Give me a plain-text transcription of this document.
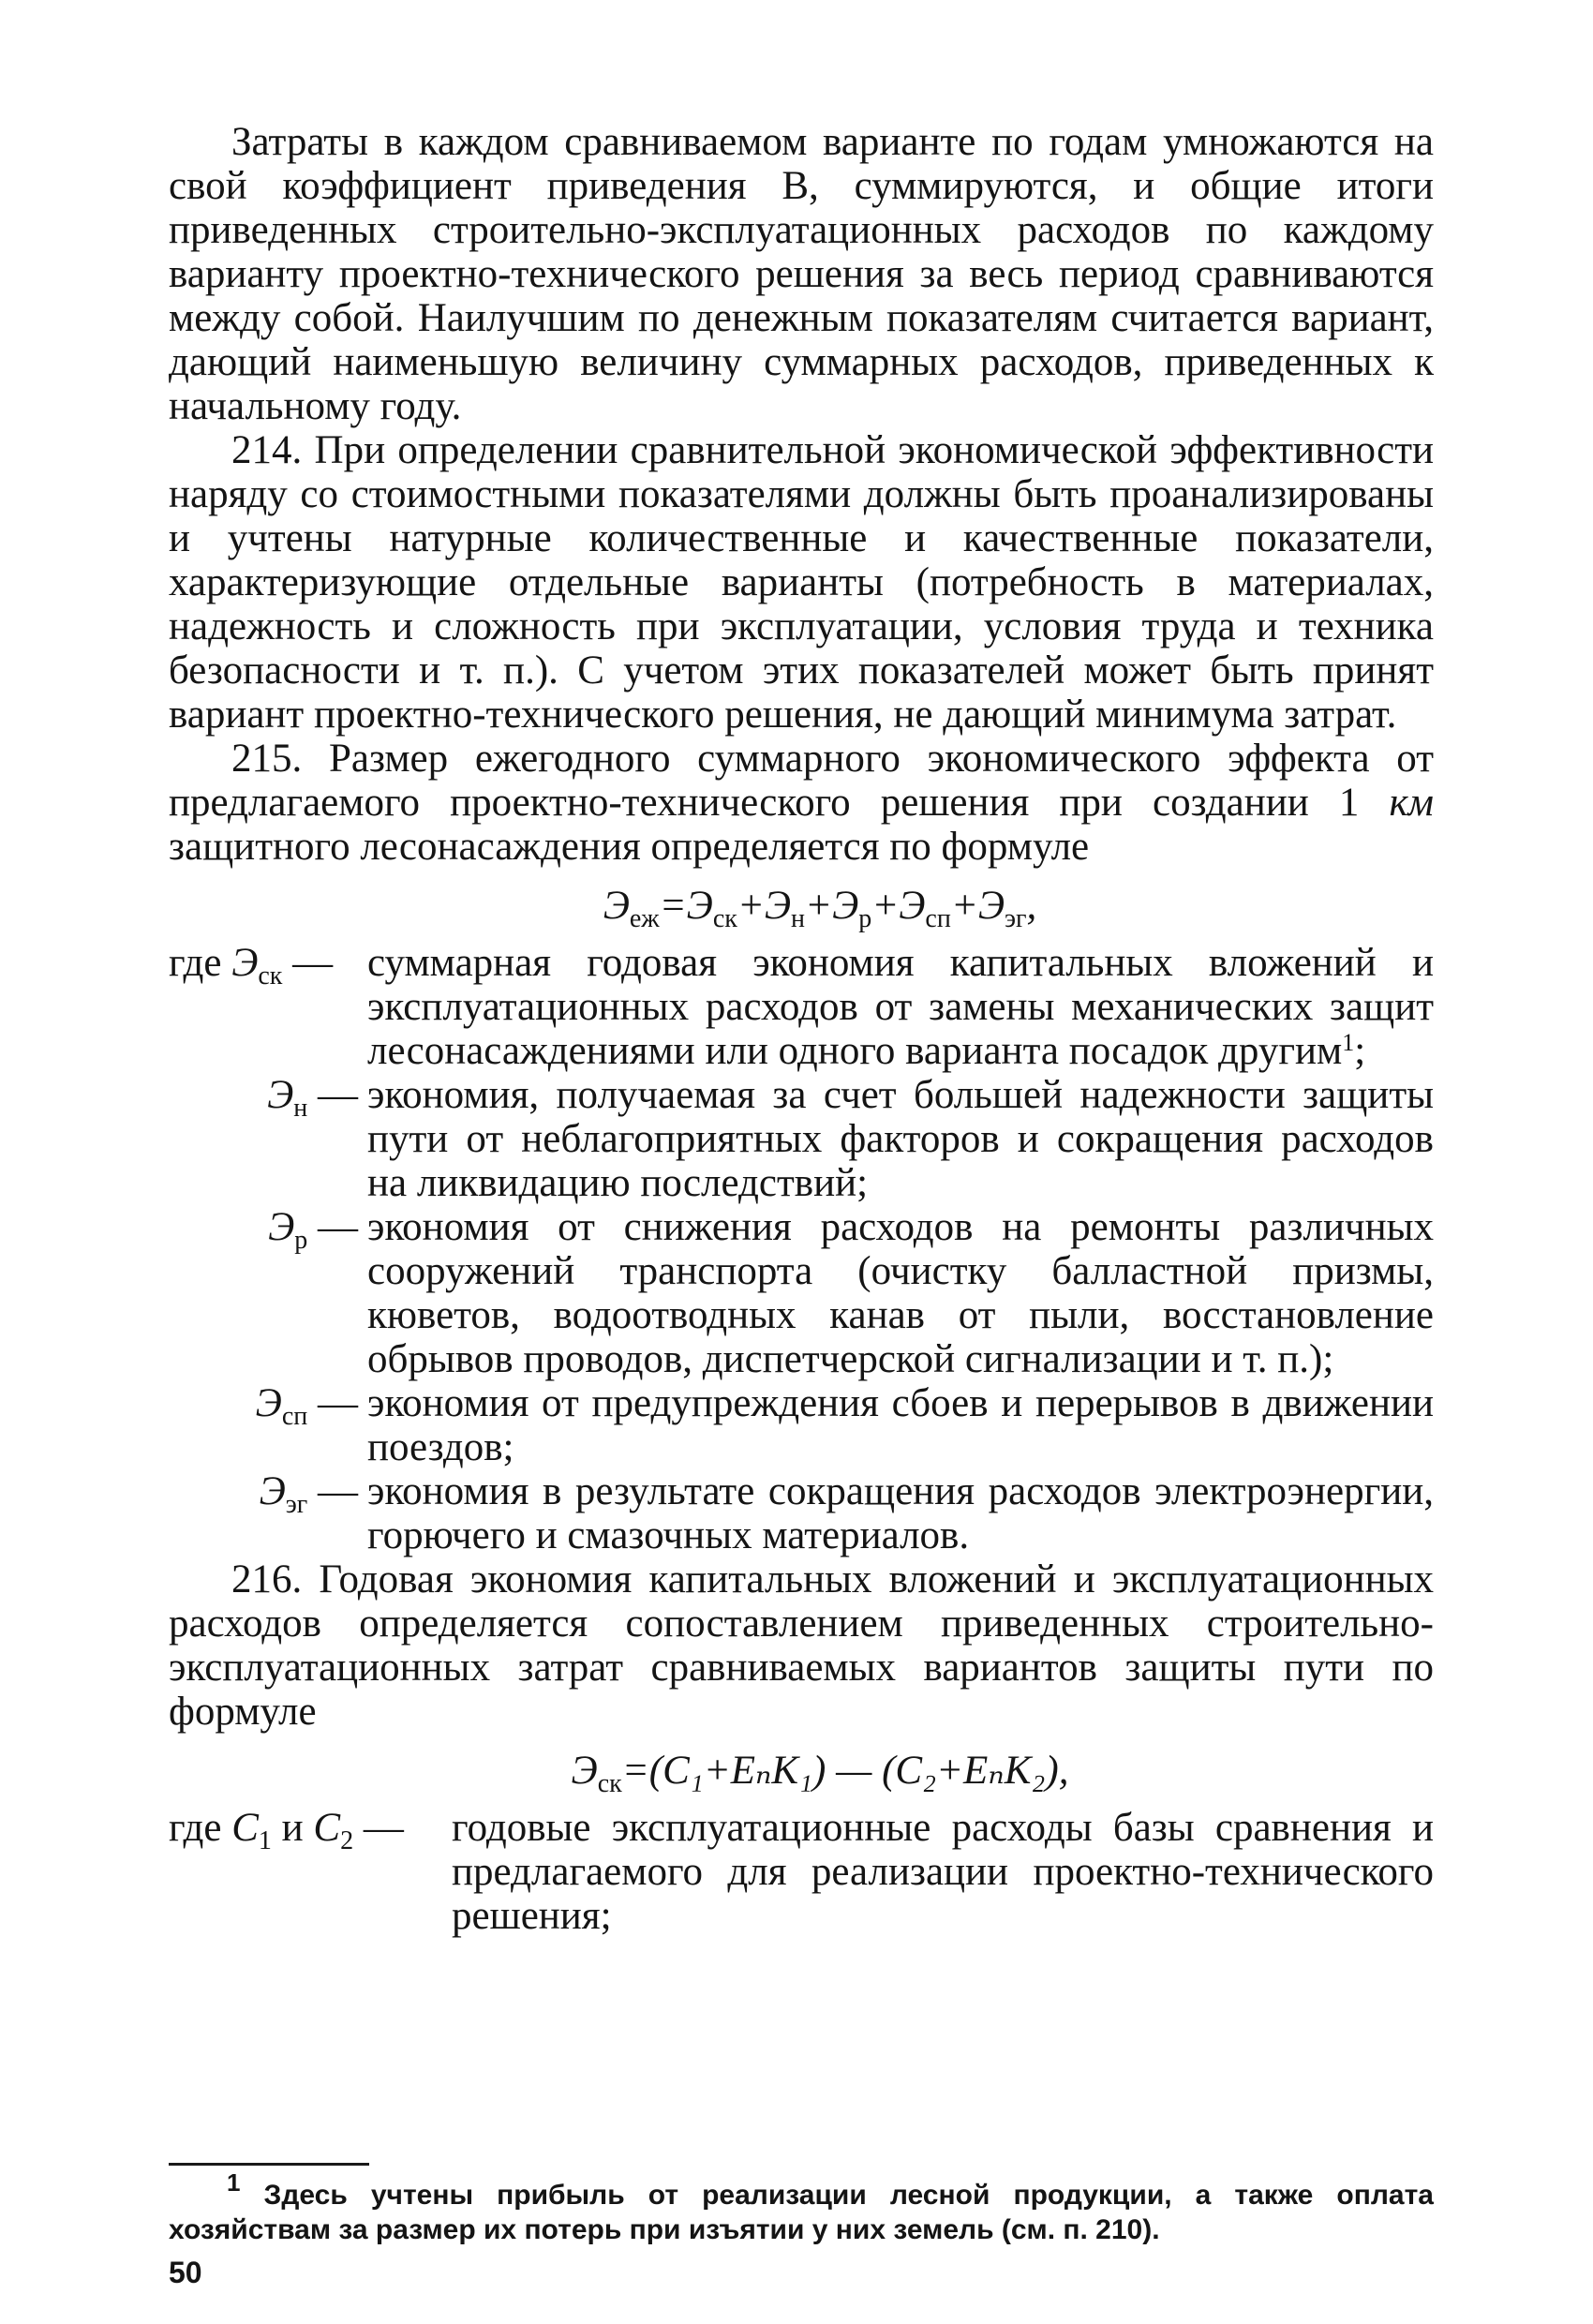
Затраты в каждом сравниваемом варианте по годам умножаются на свой коэффициент приведения В, суммируются, и общие итоги приведенных строительно-эксплуатационных расходов по каждому варианту проектно-технического решения за весь период сравниваются между собой. Наилучшим по денежным показателям считается вариант, дающий наименьшую величину суммарных расходов, приведенных к начальному году.

214. При определении сравнительной экономической эффективности наряду со стоимостными показателями должны быть проанализированы и учтены натурные количественные и качественные показатели, характеризующие отдельные варианты (потребность в материалах, надежность и сложность при эксплуатации, условия труда и техника безопасности и т. п.). С учетом этих показателей может быть принят вариант проектно-технического решения, не дающий минимума затрат.

215. Размер ежегодного суммарного экономического эффекта от предлагаемого проектно-технического решения при создании 1 км защитного лесонасаждения определяется по формуле

$Э_{еж}=Э_{ск}+Э_н+Э_р+Э_{сп}+Э_{эг}$,
где $Э_{ск}$ — суммарная годовая экономия капитальных вложений и эксплуатационных расходов от замены механических защит лесонасаждениями или одного варианта посадок другим$^1$;
$Э_н$ — экономия, получаемая за счет большей надежности защиты пути от неблагоприятных факторов и сокращения расходов на ликвидацию последствий;
$Э_р$ — экономия от снижения расходов на ремонты различных сооружений транспорта (очистку балластной призмы, кюветов, водоотводных канав от пыли, восстановление обрывов проводов, диспетчерской сигнализации и т. п.);
$Э_{сп}$ — экономия от предупреждения сбоев и перерывов в движении поездов;
$Э_{эг}$ — экономия в результате сокращения расходов электроэнергии, горючего и смазочных материалов.

216. Годовая экономия капитальных вложений и эксплуатационных расходов определяется сопоставлением приведенных строительно-эксплуатационных затрат сравниваемых вариантов защиты пути по формуле

$Э_{ск}=(C_1+E_nK_1)$ — (C₂+EₙK₂),
где $C_1$ и $C_2$ —	годовые эксплуатационные расходы базы сравнения и предлагаемого для реализации проектно-технического решения;

$^1$ Здесь учтены прибыль от реализации лесной продукции, а также оплата хозяйствам за размер их потерь при изъятии у них земель (см. п. 210).

50
